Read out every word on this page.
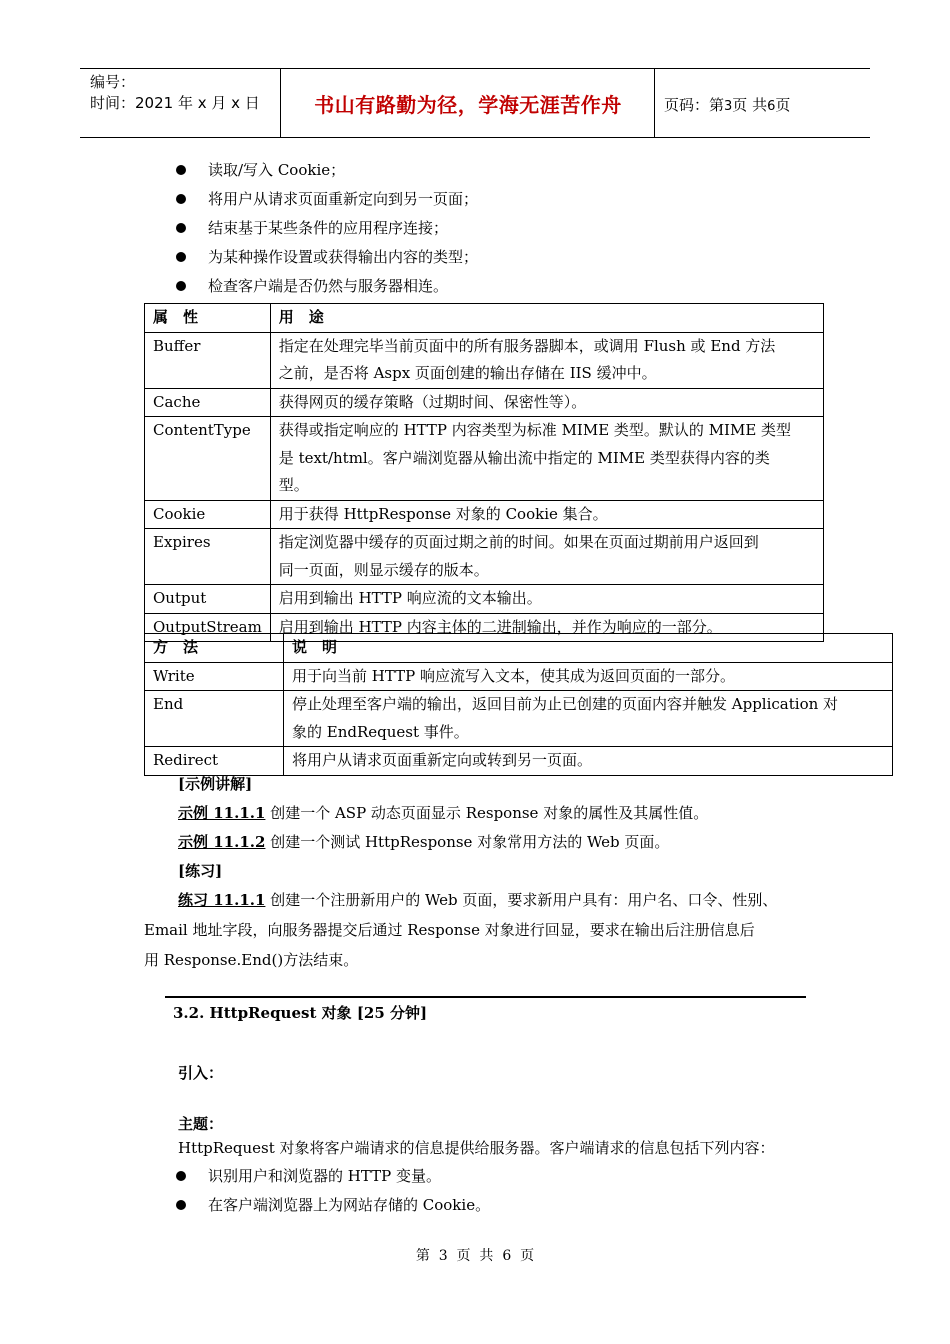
编号：
时间：2021 年 x 月 x 日	书山有路勤为径，学海无涯苦作舟	页码：第3页 共6页
读取/写入 Cookie；
将用户从请求页面重新定向到另一页面；
结束基于某些条件的应用程序连接；
为某种操作设置或获得输出内容的类型；
检查客户端是否仍然与服务器相连。
属　性	用　途
Buffer	指定在处理完毕当前页面中的所有服务器脚本，或调用 Flush 或 End 方法
之前，是否将 Aspx 页面创建的输出存储在 IIS 缓冲中。

Cache	获得网页的缓存策略（过期时间、保密性等）。

ContentType	获得或指定响应的 HTTP 内容类型为标准 MIME 类型。默认的 MIME 类型
是 text/html。客户端浏览器从输出流中指定的 MIME 类型获得内容的类
型。

Cookie	用于获得 HttpResponse 对象的 Cookie 集合。

Expires	指定浏览器中缓存的页面过期之前的时间。如果在页面过期前用户返回到
同一页面，则显示缓存的版本。

Output	启用到输出 HTTP 响应流的文本输出。

OutputStream	启用到输出 HTTP 内容主体的二进制输出，并作为响应的一部分。
方　法	说　明
Write	用于向当前 HTTP 响应流写入文本，使其成为返回页面的一部分。

End	停止处理至客户端的输出，返回目前为止已创建的页面内容并触发 Application 对
象的 EndRequest 事件。

Redirect	将用户从请求页面重新定向或转到另一页面。
[示例讲解]
示例 11.1.1 创建一个 ASP 动态页面显示 Response 对象的属性及其属性值。
示例 11.1.2 创建一个测试 HttpResponse 对象常用方法的 Web 页面。
[练习]
练习 11.1.1 创建一个注册新用户的 Web 页面，要求新用户具有：用户名、口令、性别、
Email 地址字段，向服务器提交后通过 Response 对象进行回显，要求在输出后注册信息后
用 Response.End()方法结束。
3.2. HttpRequest 对象 [25 分钟]
引入：
主题：
HttpRequest 对象将客户端请求的信息提供给服务器。客户端请求的信息包括下列内容：
识别用户和浏览器的 HTTP 变量。
在客户端浏览器上为网站存储的 Cookie。
第  3  页  共  6  页
